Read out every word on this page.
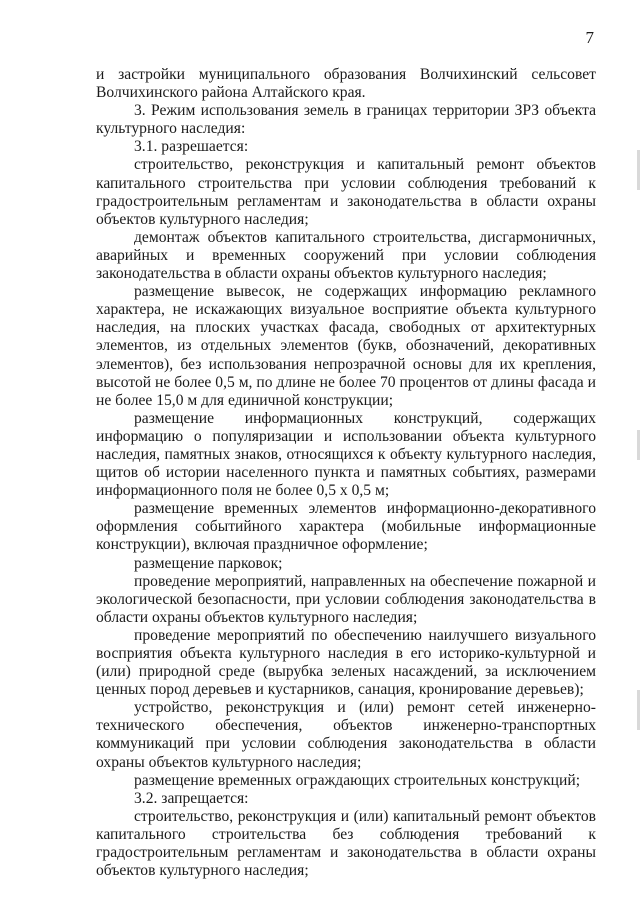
7

и застройки муниципального образования Волчихинский сельсовет Волчихинского района Алтайского края.

3. Режим использования земель в границах территории ЗРЗ объекта культурного наследия:

3.1. разрешается:

строительство, реконструкция и капитальный ремонт объектов капитального строительства при условии соблюдения требований к градостроительным регламентам и законодательства в области охраны объектов культурного наследия;

демонтаж объектов капитального строительства, дисгармоничных, аварийных и временных сооружений при условии соблюдения законодательства в области охраны объектов культурного наследия;

размещение вывесок, не содержащих информацию рекламного характера, не искажающих визуальное восприятие объекта культурного наследия, на плоских участках фасада, свободных от архитектурных элементов, из отдельных элементов (букв, обозначений, декоративных элементов), без использования непрозрачной основы для их крепления, высотой не более 0,5 м, по длине не более 70 процентов от длины фасада и не более 15,0 м для единичной конструкции;

размещение информационных конструкций, содержащих информацию о популяризации и использовании объекта культурного наследия, памятных знаков, относящихся к объекту культурного наследия, щитов об истории населенного пункта и памятных событиях, размерами информационного поля не более 0,5 х 0,5 м;

размещение временных элементов информационно-декоративного оформления событийного характера (мобильные информационные конструкции), включая праздничное оформление;

размещение парковок;

проведение мероприятий, направленных на обеспечение пожарной и экологической безопасности, при условии соблюдения законодательства в области охраны объектов культурного наследия;

проведение мероприятий по обеспечению наилучшего визуального восприятия объекта культурного наследия в его историко-культурной и (или) природной среде (вырубка зеленых насаждений, за исключением ценных пород деревьев и кустарников, санация, кронирование деревьев);

устройство, реконструкция и (или) ремонт сетей инженерно-технического обеспечения, объектов инженерно-транспортных коммуникаций при условии соблюдения законодательства в области охраны объектов культурного наследия;

размещение временных ограждающих строительных конструкций;

3.2. запрещается:

строительство, реконструкция и (или) капитальный ремонт объектов капитального строительства без соблюдения требований к градостроительным регламентам и законодательства в области охраны объектов культурного наследия;
